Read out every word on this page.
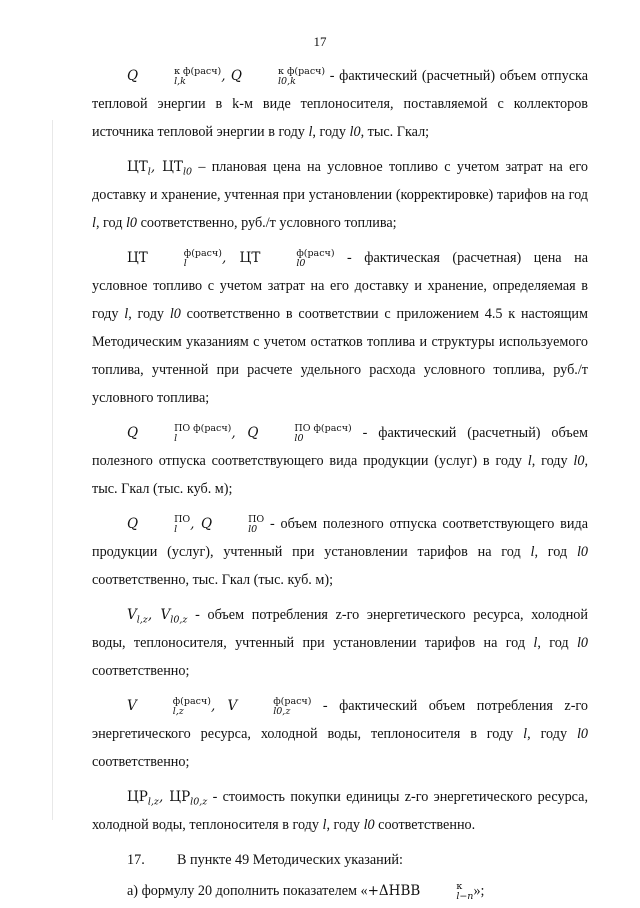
17

Q	к ф(расч)
l,k	, Q	к ф(расч)
l0,k	- фактический (расчетный) объем отпуска тепловой энергии в k-м виде теплоносителя, поставляемой с коллекторов источника тепловой энергии в году l, году l0, тыс. Гкал;

$ЦТ_l$, $ЦТ_{l0}$ – плановая цена на условное топливо с учетом затрат на его доставку и хранение, учтенная при установлении (корректировке) тарифов на год l, год l0 соответственно, руб./т условного топлива;

ЦТ	ф(расч)
l	, ЦТ	ф(расч)
l0	- фактическая (расчетная) цена на условное топливо с учетом затрат на его доставку и хранение, определяемая в году l, году l0 соответственно в соответствии с приложением 4.5 к настоящим Методическим указаниям с учетом остатков топлива и структуры используемого топлива, учтенной при расчете удельного расхода условного топлива, руб./т условного топлива;

Q	ПО ф(расч)
l	, Q	ПО ф(расч)
l0	- фактический (расчетный) объем полезного отпуска соответствующего вида продукции (услуг) в году l, году l0, тыс. Гкал (тыс. куб. м);

Q	ПО
l , Q	ПО
l0 - объем полезного отпуска соответствующего вида продукции (услуг), учтенный при установлении тарифов на год l, год l0 соответственно, тыс. Гкал (тыс. куб. м);

$V_{l,z}$, $V_{l0,z}$ - объем потребления z-го энергетического ресурса, холодной воды, теплоносителя, учтенный при установлении тарифов на год l, год l0 соответственно;

V	ф(расч)
l,z	, V	ф(расч)
l0,z	- фактический объем потребления z-го энергетического ресурса, холодной воды, теплоносителя в году l, году l0 соответственно;

$ЦР_{l,z}$, $ЦР_{l0,z}$ - стоимость покупки единицы z-го энергетического ресурса, холодной воды, теплоносителя в году l, году l0 соответственно.

17. В пункте 49 Методических указаний:

а) формулу 20 дополнить показателем «+ΔНВВ	к
l−n »;
